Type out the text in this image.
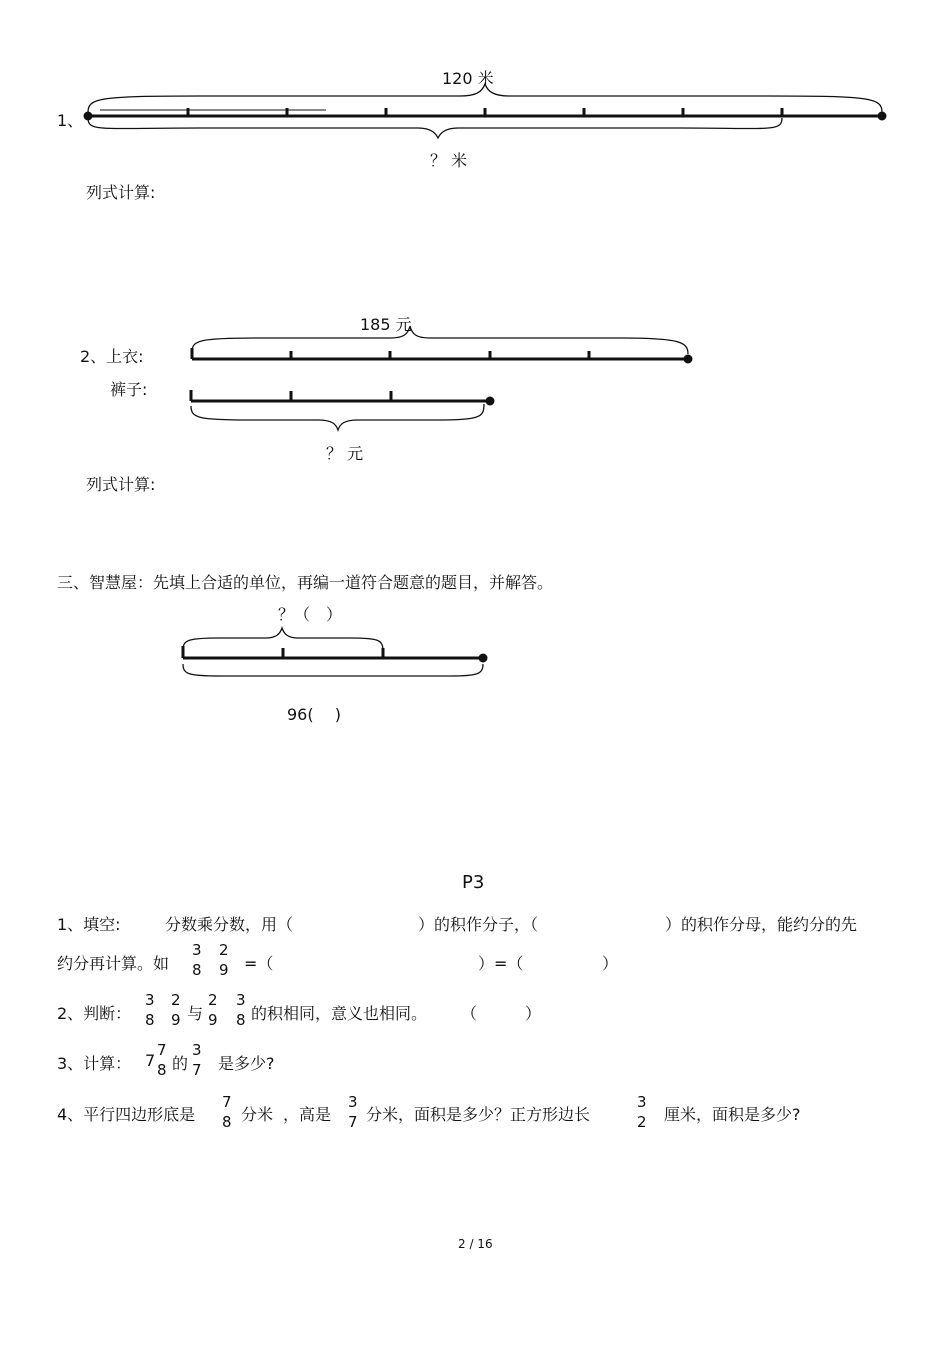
1、
120 米
？ 米
列式计算:
185 元
2、上衣:
裤子:
？ 元
列式计算:
三、智慧屋：先填上合适的单位，再编一道符合题意的题目，并解答。
？（　）
96(　 )
P3
1、填空:	分数乘分数，用（	）的积作分子，（	）的积作分母，能约分的先
约分再计算。如
3
8
2
9 =（	）=（	）
2、判断：
3
8
2
9 与
2
9
3
8 的积相同，意义也相同。 （　　　）
3、计算： 7
7
8 的
3
7 是多少?
4、平行四边形底是
7
8 分米 ，高是
3
7 分米，面积是多少？正方形边长
3
2 厘米，面积是多少?
2 / 16
